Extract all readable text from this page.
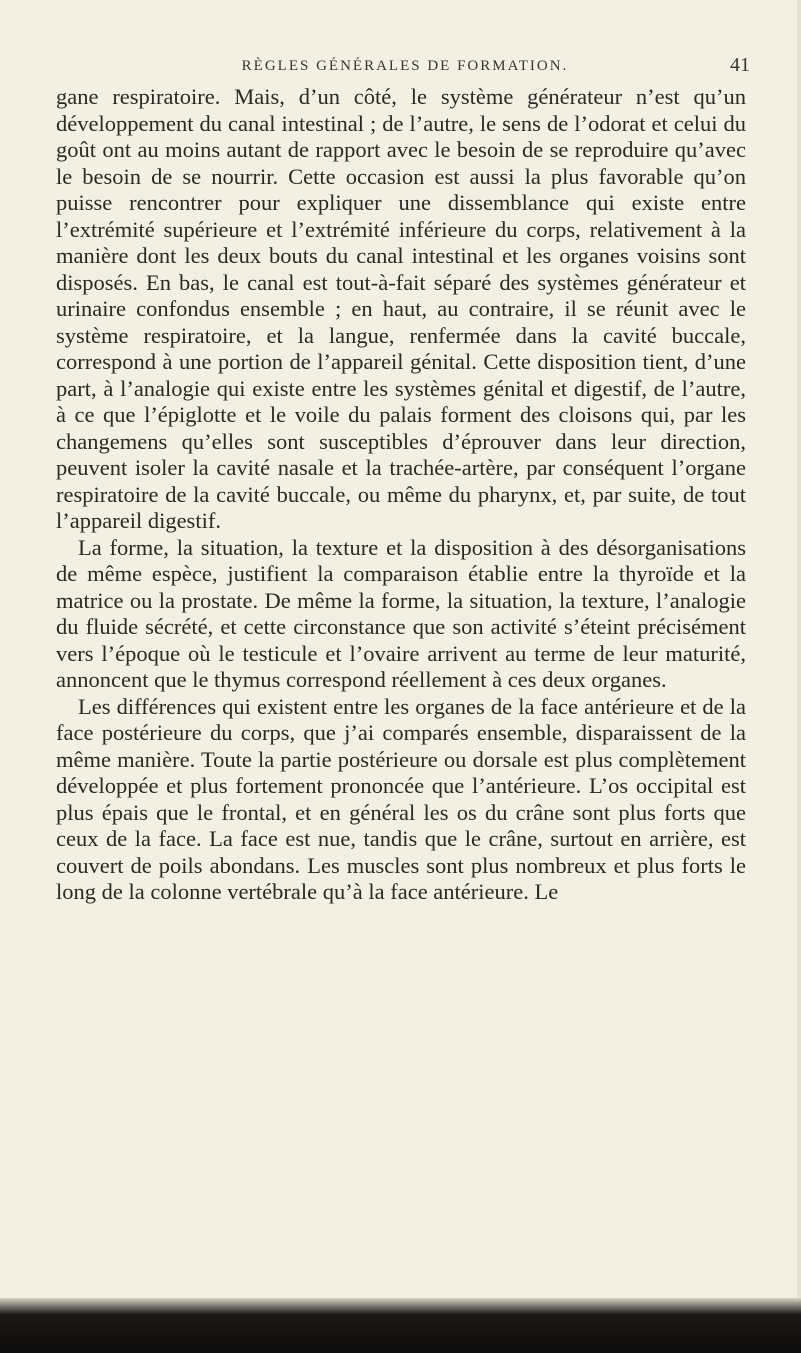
RÈGLES GÉNÉRALES DE FORMATION.	41

gane respiratoire. Mais, d’un côté, le système générateur n’est qu’un développement du canal intestinal ; de l’autre, le sens de l’odorat et celui du goût ont au moins autant de rapport avec le besoin de se reproduire qu’avec le besoin de se nourrir. Cette occasion est aussi la plus favorable qu’on puisse rencontrer pour expliquer une dissemblance qui existe entre l’extrémité supérieure et l’extrémité inférieure du corps, relativement à la manière dont les deux bouts du canal intestinal et les organes voisins sont disposés. En bas, le canal est tout-à-fait séparé des systèmes générateur et urinaire confondus ensemble ; en haut, au contraire, il se réunit avec le système respiratoire, et la langue, renfermée dans la cavité buccale, correspond à une portion de l’appareil génital. Cette disposition tient, d’une part, à l’analogie qui existe entre les systèmes génital et digestif, de l’autre, à ce que l’épiglotte et le voile du palais forment des cloisons qui, par les changemens qu’elles sont susceptibles d’éprouver dans leur direction, peuvent isoler la cavité nasale et la trachée-artère, par conséquent l’organe respiratoire de la cavité buccale, ou même du pharynx, et, par suite, de tout l’appareil digestif.

La forme, la situation, la texture et la disposition à des désorganisations de même espèce, justifient la comparaison établie entre la thyroïde et la matrice ou la prostate. De même la forme, la situation, la texture, l’analogie du fluide sécrété, et cette circonstance que son activité s’éteint précisément vers l’époque où le testicule et l’ovaire arrivent au terme de leur maturité, annoncent que le thymus correspond réellement à ces deux organes.

Les différences qui existent entre les organes de la face antérieure et de la face postérieure du corps, que j’ai comparés ensemble, disparaissent de la même manière. Toute la partie postérieure ou dorsale est plus complètement développée et plus fortement prononcée que l’antérieure. L’os occipital est plus épais que le frontal, et en général les os du crâne sont plus forts que ceux de la face. La face est nue, tandis que le crâne, surtout en arrière, est couvert de poils abondans. Les muscles sont plus nombreux et plus forts le long de la colonne vertébrale qu’à la face antérieure. Le
